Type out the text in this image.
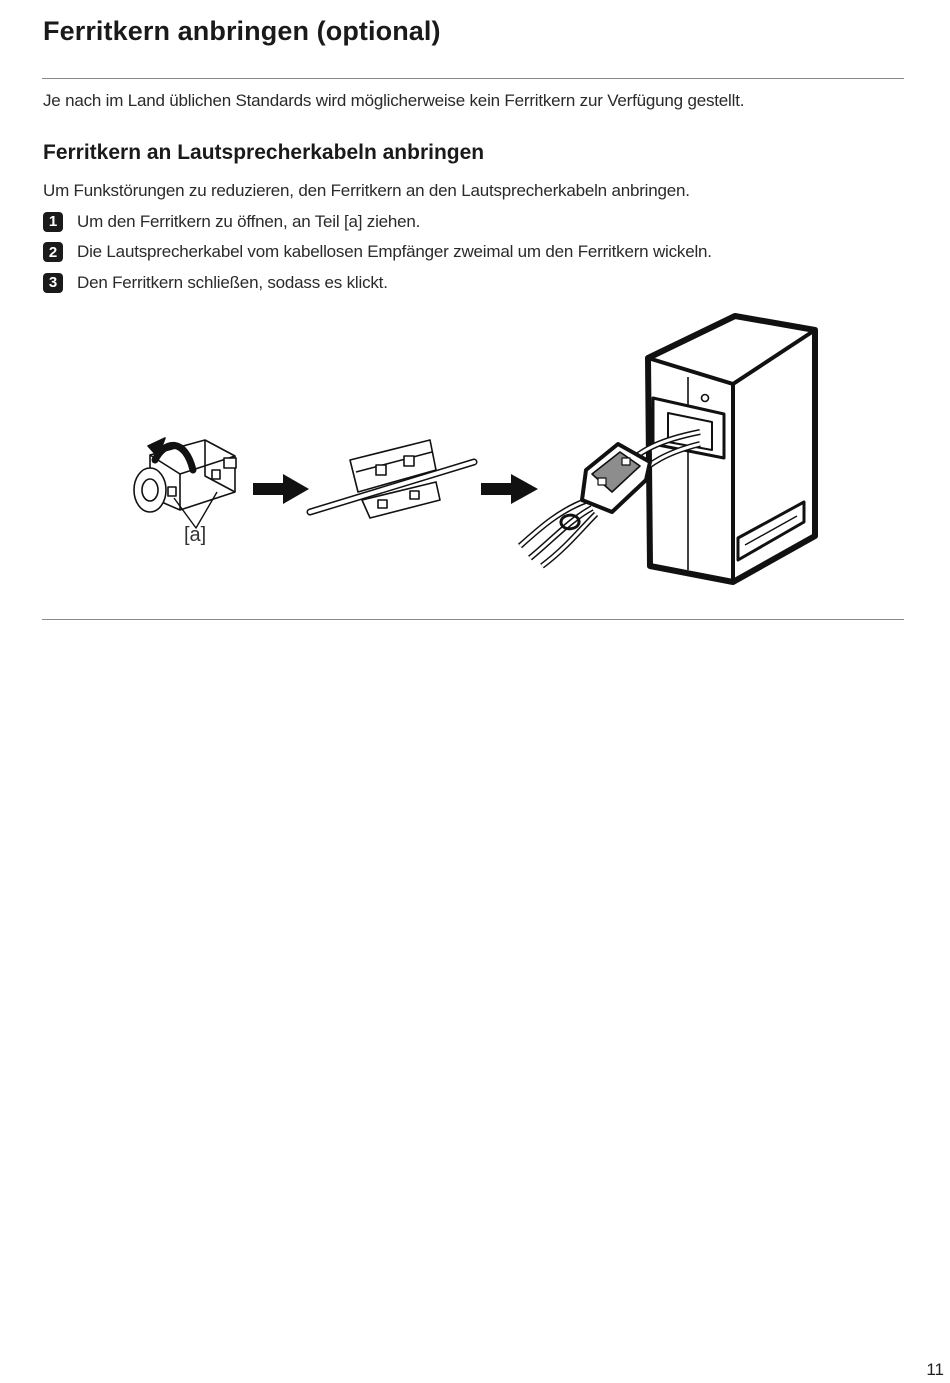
Ferritkern anbringen (optional)

Je nach im Land üblichen Standards wird möglicherweise kein Ferritkern zur Verfügung gestellt.

Ferritkern an Lautsprecherkabeln anbringen

Um Funkstörungen zu reduzieren, den Ferritkern an den Lautsprecherkabeln anbringen.

1	Um den Ferritkern zu öffnen, an Teil [a] ziehen.
2	Die Lautsprecherkabel vom kabellosen Empfänger zweimal um den Ferritkern wickeln.
3	Den Ferritkern schließen, sodass es klickt.
[a]
11
